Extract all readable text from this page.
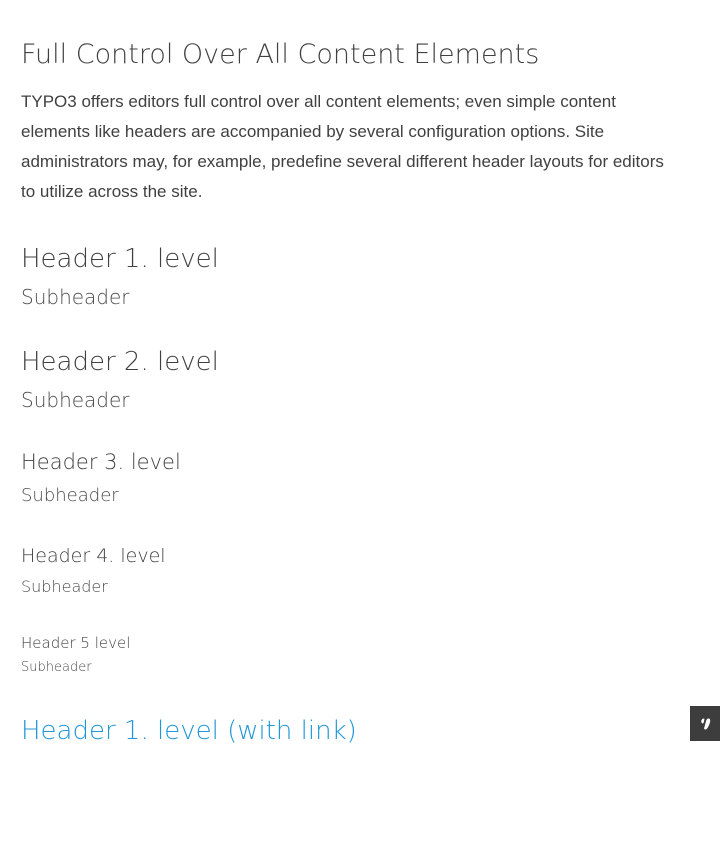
Full Control Over All Content Elements

TYPO3 offers editors full control over all content elements; even simple content elements like headers are accompanied by several configuration options. Site administrators may, for example, predefine several different header layouts for editors to utilize across the site.

Header 1. level
Subheader
Header 2. level
Subheader
Header 3. level
Subheader
Header 4. level
Subheader
Header 5 level
Subheader
Header 1. level (with link)
